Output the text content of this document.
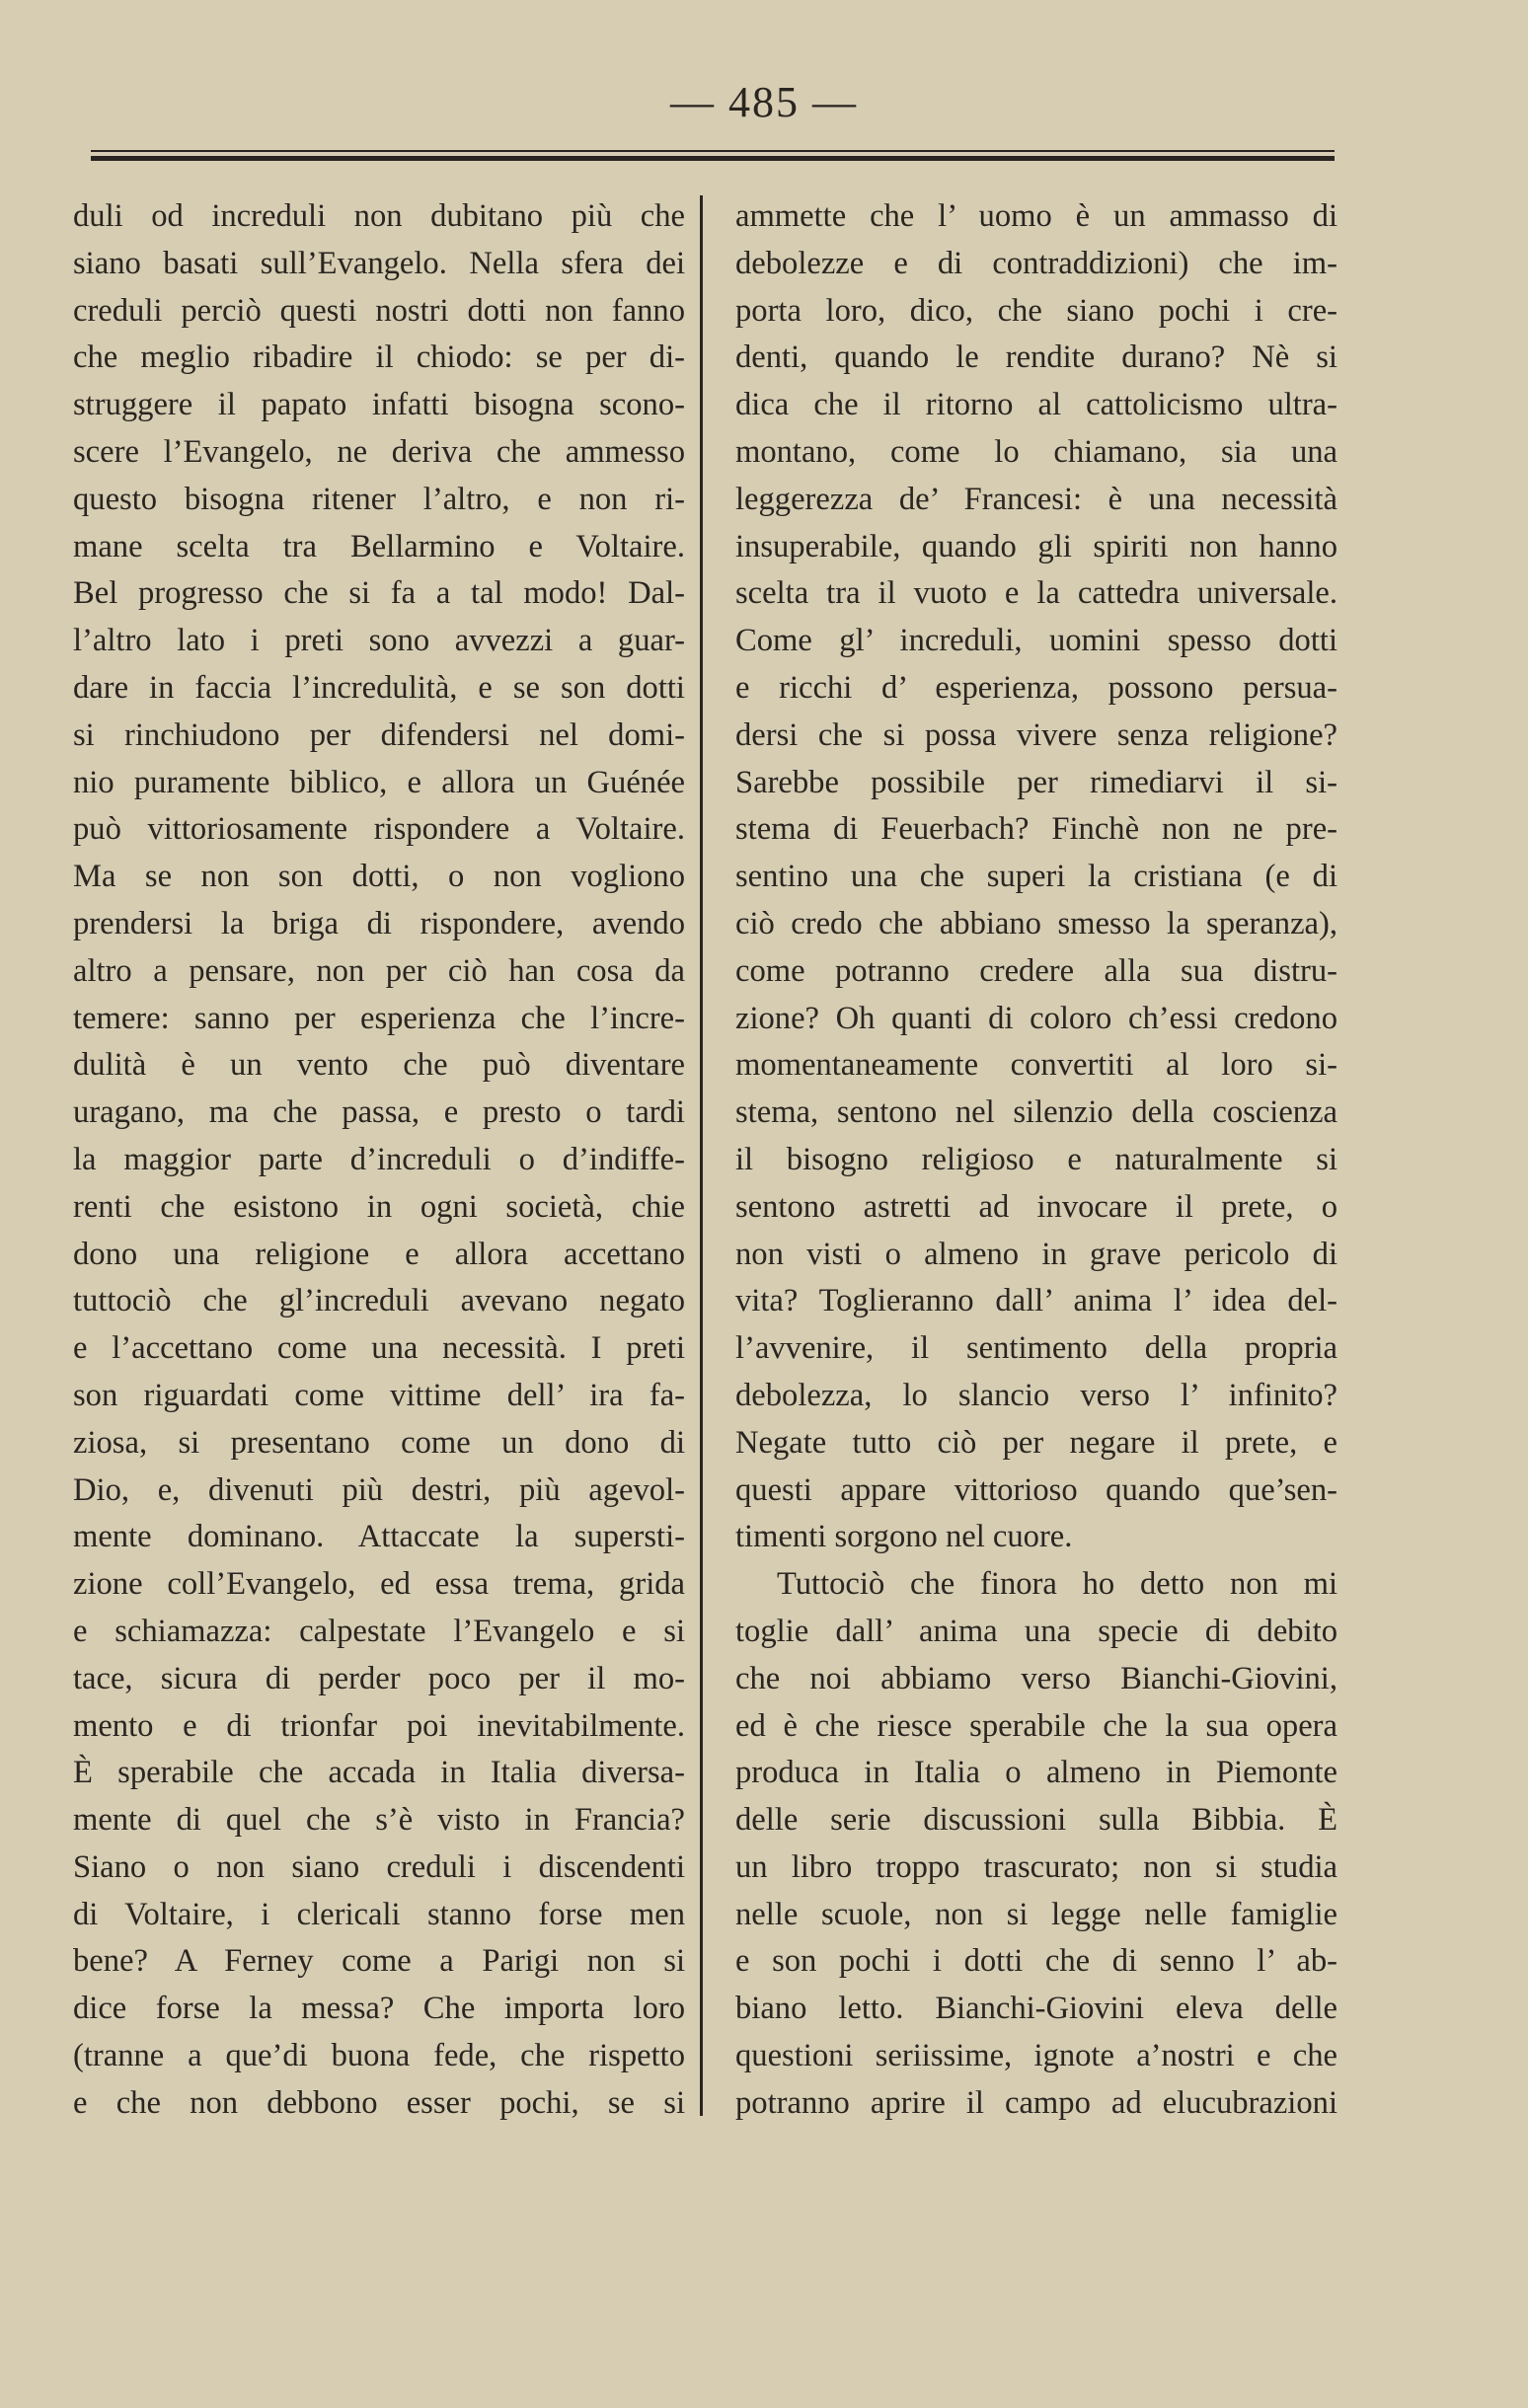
— 485 —
duli od increduli non dubitano più che
siano basati sull’Evangelo. Nella sfera dei
creduli perciò questi nostri dotti non fanno
che meglio ribadire il chiodo: se per di-
struggere il papato infatti bisogna scono-
scere l’Evangelo, ne deriva che ammesso
questo bisogna ritener l’altro, e non ri-
mane scelta tra Bellarmino e Voltaire.
Bel progresso che si fa a tal modo! Dal-
l’altro lato i preti sono avvezzi a guar-
dare in faccia l’incredulità, e se son dotti
si rinchiudono per difendersi nel domi-
nio puramente biblico, e allora un Guénée
può vittoriosamente rispondere a Voltaire.
Ma se non son dotti, o non vogliono
prendersi la briga di rispondere, avendo
altro a pensare, non per ciò han cosa da
temere: sanno per esperienza che l’incre-
dulità è un vento che può diventare
uragano, ma che passa, e presto o tardi
la maggior parte d’increduli o d’indiffe-
renti che esistono in ogni società, chie
dono una religione e allora accettano
tuttociò che gl’increduli avevano negato
e l’accettano come una necessità. I preti
son riguardati come vittime dell’ ira fa-
ziosa, si presentano come un dono di
Dio, e, divenuti più destri, più agevol-
mente dominano. Attaccate la supersti-
zione coll’Evangelo, ed essa trema, grida
e schiamazza: calpestate l’Evangelo e si
tace, sicura di perder poco per il mo-
mento e di trionfar poi inevitabilmente.
È sperabile che accada in Italia diversa-
mente di quel che s’è visto in Francia?
Siano o non siano creduli i discendenti
di Voltaire, i clericali stanno forse men
bene? A Ferney come a Parigi non si
dice forse la messa? Che importa loro
(tranne a que’di buona fede, che rispetto
e che non debbono esser pochi, se si
ammette che l’ uomo è un ammasso di
debolezze e di contraddizioni) che im-
porta loro, dico, che siano pochi i cre-
denti, quando le rendite durano? Nè si
dica che il ritorno al cattolicismo ultra-
montano, come lo chiamano, sia una
leggerezza de’ Francesi: è una necessità
insuperabile, quando gli spiriti non hanno
scelta tra il vuoto e la cattedra universale.
Come gl’ increduli, uomini spesso dotti
e ricchi d’ esperienza, possono persua-
dersi che si possa vivere senza religione?
Sarebbe possibile per rimediarvi il si-
stema di Feuerbach? Finchè non ne pre-
sentino una che superi la cristiana (e di
ciò credo che abbiano smesso la speranza),
come potranno credere alla sua distru-
zione? Oh quanti di coloro ch’essi credono
momentaneamente convertiti al loro si-
stema, sentono nel silenzio della coscienza
il bisogno religioso e naturalmente si
sentono astretti ad invocare il prete, o
non visti o almeno in grave pericolo di
vita? Toglieranno dall’ anima l’ idea del-
l’avvenire, il sentimento della propria
debolezza, lo slancio verso l’ infinito?
Negate tutto ciò per negare il prete, e
questi appare vittorioso quando que’sen-
timenti sorgono nel cuore.
Tuttociò che finora ho detto non mi
toglie dall’ anima una specie di debito
che noi abbiamo verso Bianchi-Giovini,
ed è che riesce sperabile che la sua opera
produca in Italia o almeno in Piemonte
delle serie discussioni sulla Bibbia. È
un libro troppo trascurato; non si studia
nelle scuole, non si legge nelle famiglie
e son pochi i dotti che di senno l’ ab-
biano letto. Bianchi-Giovini eleva delle
questioni seriissime, ignote a’nostri e che
potranno aprire il campo ad elucubrazioni
